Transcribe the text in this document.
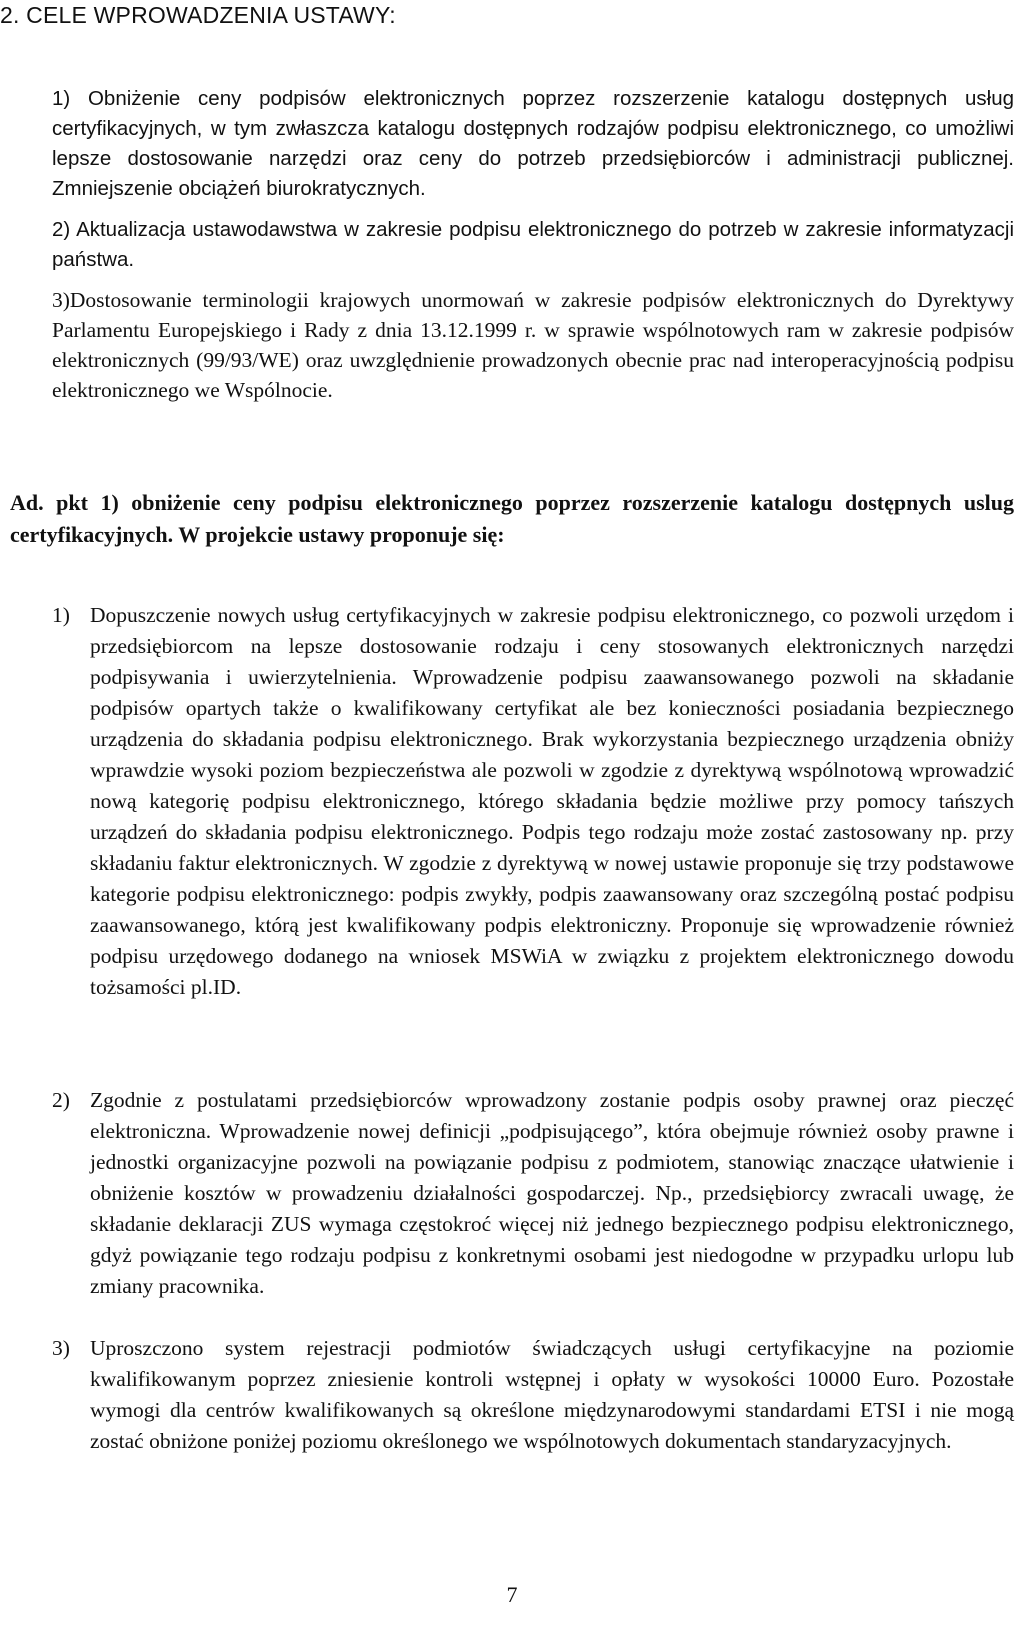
2. CELE WPROWADZENIA USTAWY:

1) Obniżenie ceny podpisów elektronicznych poprzez rozszerzenie katalogu dostępnych usług certyfikacyjnych, w tym zwłaszcza katalogu dostępnych rodzajów podpisu elektronicznego, co umożliwi lepsze dostosowanie narzędzi oraz ceny do potrzeb przedsiębiorców i administracji publicznej. Zmniejszenie obciążeń biurokratycznych.

2) Aktualizacja ustawodawstwa w zakresie podpisu elektronicznego do potrzeb w zakresie informatyzacji państwa.

3)Dostosowanie terminologii krajowych unormowań w zakresie podpisów elektronicznych do Dyrektywy Parlamentu Europejskiego i Rady z dnia 13.12.1999 r. w sprawie wspólnotowych ram w zakresie podpisów elektronicznych (99/93/WE) oraz uwzględnienie prowadzonych obecnie prac nad interoperacyjnością podpisu elektronicznego we Wspólnocie.

Ad. pkt 1) obniżenie ceny podpisu elektronicznego poprzez rozszerzenie katalogu dostępnych uslug certyfikacyjnych. W projekcie ustawy proponuje się:

1) Dopuszczenie nowych usług certyfikacyjnych w zakresie podpisu elektronicznego, co pozwoli urzędom i przedsiębiorcom na lepsze dostosowanie rodzaju i ceny stosowanych elektronicznych narzędzi podpisywania i uwierzytelnienia. Wprowadzenie podpisu zaawansowanego pozwoli na składanie podpisów opartych także o kwalifikowany certyfikat ale bez konieczności posiadania bezpiecznego urządzenia do składania podpisu elektronicznego. Brak wykorzystania bezpiecznego urządzenia obniży wprawdzie wysoki poziom bezpieczeństwa ale pozwoli w zgodzie z dyrektywą wspólnotową wprowadzić nową kategorię podpisu elektronicznego, którego składania będzie możliwe przy pomocy tańszych urządzeń do składania podpisu elektronicznego. Podpis tego rodzaju może zostać zastosowany np. przy składaniu faktur elektronicznych. W zgodzie z dyrektywą w nowej ustawie proponuje się trzy podstawowe kategorie podpisu elektronicznego: podpis zwykły, podpis zaawansowany oraz szczególną postać podpisu zaawansowanego, którą jest kwalifikowany podpis elektroniczny. Proponuje się wprowadzenie również podpisu urzędowego dodanego na wniosek MSWiA w związku z projektem elektronicznego dowodu tożsamości pl.ID.
2) Zgodnie z postulatami przedsiębiorców wprowadzony zostanie podpis osoby prawnej oraz pieczęć elektroniczna. Wprowadzenie nowej definicji „podpisującego”, która obejmuje również osoby prawne i jednostki organizacyjne pozwoli na powiązanie podpisu z podmiotem, stanowiąc znaczące ułatwienie i obniżenie kosztów w prowadzeniu działalności gospodarczej. Np., przedsiębiorcy zwracali uwagę, że składanie deklaracji ZUS wymaga częstokroć więcej niż jednego bezpiecznego podpisu elektronicznego, gdyż powiązanie tego rodzaju podpisu z konkretnymi osobami jest niedogodne w przypadku urlopu lub zmiany pracownika.
3) Uproszczono system rejestracji podmiotów świadczących usługi certyfikacyjne na poziomie kwalifikowanym poprzez zniesienie kontroli wstępnej i opłaty w wysokości 10000 Euro. Pozostałe wymogi dla centrów kwalifikowanych są określone międzynarodowymi standardami ETSI i nie mogą zostać obniżone poniżej poziomu określonego we wspólnotowych dokumentach standaryzacyjnych.
7
